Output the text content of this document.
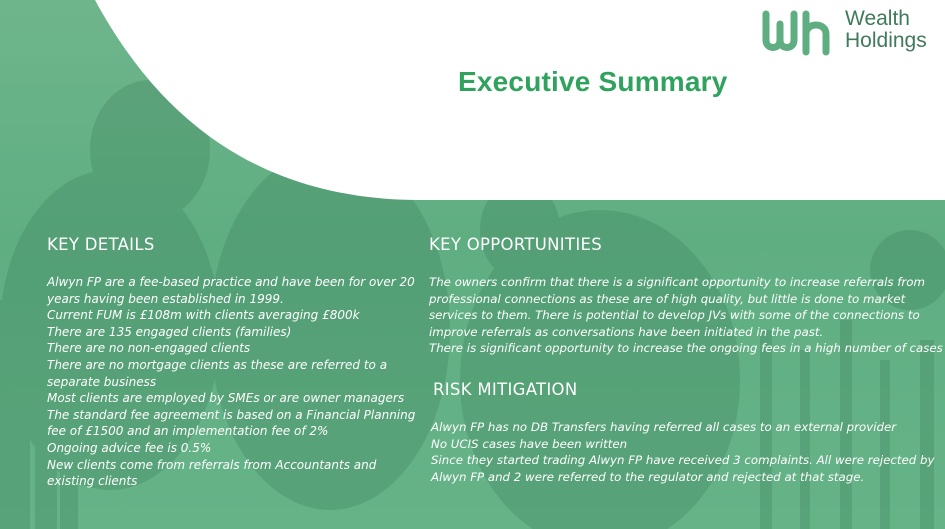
Wealth
Holdings
Executive Summary
KEY DETAILS
Alwyn FP are a fee-based practice and have been for over 20
years having been established in 1999.
Current FUM is £108m with clients averaging £800k
There are 135 engaged clients (families)
There are no non-engaged clients
There are no mortgage clients as these are referred to a
separate business
Most clients are employed by SMEs or are owner managers
The standard fee agreement is based on a Financial Planning
fee of £1500 and an implementation fee of 2%
Ongoing advice fee is 0.5%
New clients come from referrals from Accountants and
existing clients
KEY OPPORTUNITIES
The owners confirm that there is a significant opportunity to increase referrals from
professional connections as these are of high quality, but little is done to market
services to them. There is potential to develop JVs with some of the connections to
improve referrals as conversations have been initiated in the past.
There is significant opportunity to increase the ongoing fees in a high number of cases
RISK MITIGATION
Alwyn FP has no DB Transfers having referred all cases to an external provider
No UCIS cases have been written
Since they started trading Alwyn FP have received 3 complaints. All were rejected by
Alwyn FP and 2 were referred to the regulator and rejected at that stage.
